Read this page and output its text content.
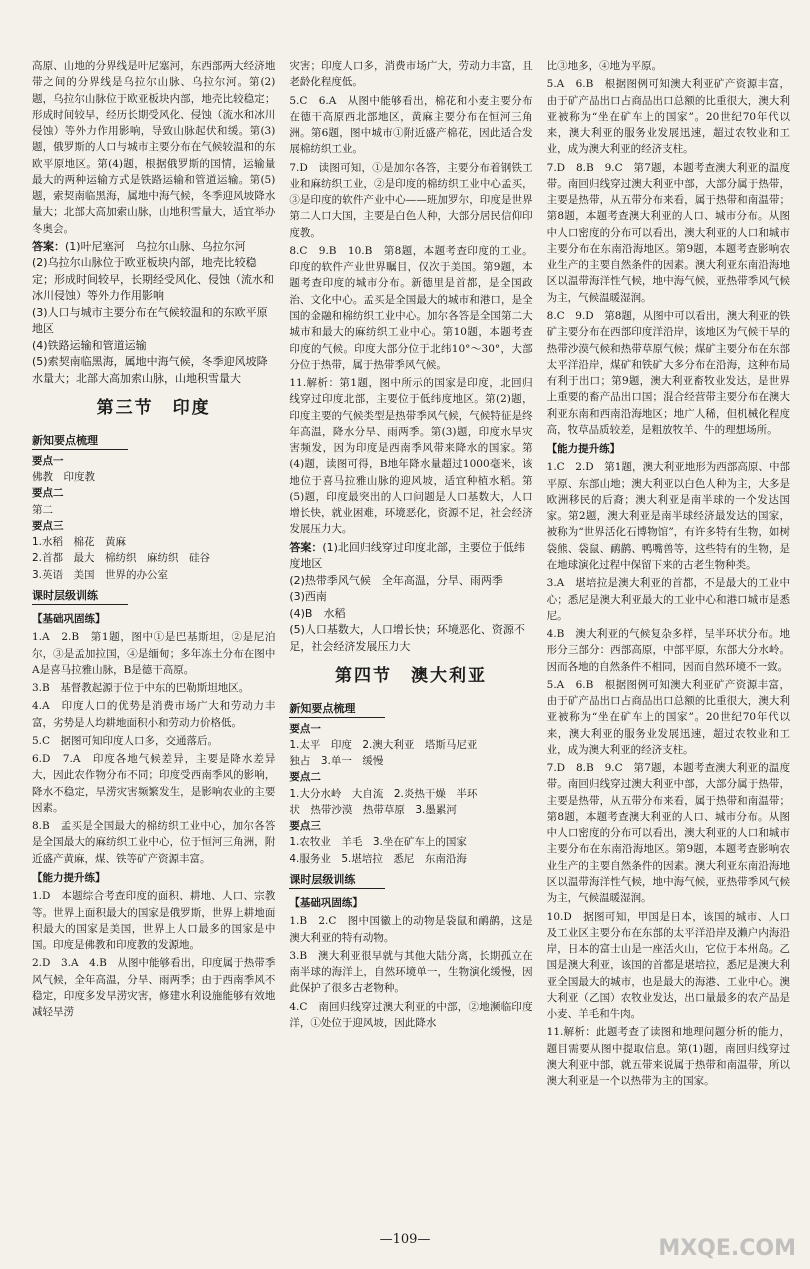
高原、山地的分界线是叶尼塞河，东西部两大经济地带之间的分界线是乌拉尔山脉、乌拉尔河。第(2)题，乌拉尔山脉位于欧亚板块内部，地壳比较稳定；形成时间较早，经历长期受风化、侵蚀（流水和冰川侵蚀）等外力作用影响，导致山脉起伏和缓。第(3)题，俄罗斯的人口与城市主要分布在气候较温和的东欧平原地区。第(4)题，根据俄罗斯的国情，运输量最大的两种运输方式是铁路运输和管道运输。第(5)题，索契南临黑海，属地中海气候，冬季迎风坡降水量大；北部大高加索山脉，山地积雪量大，适宜举办冬奥会。

答案：(1)叶尼塞河　乌拉尔山脉、乌拉尔河
(2)乌拉尔山脉位于欧亚板块内部，地壳比较稳定；形成时间较早，长期经受风化、侵蚀（流水和冰川侵蚀）等外力作用影响
(3)人口与城市主要分布在气候较温和的东欧平原地区
(4)铁路运输和管道运输
(5)索契南临黑海，属地中海气候，冬季迎风坡降水量大；北部大高加索山脉，山地积雪量大
第三节　印度
新知要点梳理
要点一
佛教　印度教
要点二
第二
要点三
1.水稻　棉花　黄麻
2.首都　最大　棉纺织　麻纺织　硅谷
3.英语　美国　世界的办公室
课时层级训练
【基础巩固练】

1.A　2.B　第1题，图中①是巴基斯坦，②是尼泊尔，③是孟加拉国，④是缅甸；多年冻土分布在图中A是喜马拉雅山脉，B是德干高原。

3.B　基督教起源于位于中东的巴勒斯坦地区。

4.A　印度人口的优势是消费市场广大和劳动力丰富，劣势是人均耕地面积小和劳动力价格低。

5.C　据图可知印度人口多，交通落后。

6.D　7.A　印度各地气候差异，主要是降水差异大，因此农作物分布不同；印度受西南季风的影响，降水不稳定，旱涝灾害频繁发生，是影响农业的主要因素。

8.B　孟买是全国最大的棉纺织工业中心，加尔各答是全国最大的麻纺织工业中心，位于恒河三角洲，附近盛产黄麻，煤、铁等矿产资源丰富。

【能力提升练】

1.D　本题综合考查印度的面积、耕地、人口、宗教等。世界上面积最大的国家是俄罗斯，世界上耕地面积最大的国家是美国，世界上人口最多的国家是中国。印度是佛教和印度教的发源地。

2.D　3.A　4.B　从图中能够看出，印度属于热带季风气候，全年高温，分旱、雨两季；由于西南季风不稳定，印度多发旱涝灾害，修建水利设施能够有效地减轻旱涝

灾害；印度人口多，消费市场广大，劳动力丰富，且老龄化程度低。

5.C　6.A　从图中能够看出，棉花和小麦主要分布在德干高原西北部地区，黄麻主要分布在恒河三角洲。第6题，图中城市①附近盛产棉花，因此适合发展棉纺织工业。

7.D　读图可知，①是加尔各答，主要分布着钢铁工业和麻纺织工业，②是印度的棉纺织工业中心孟买，③是印度的软件产业中心——班加罗尔，印度是世界第二人口大国，主要是白色人种，大部分居民信仰印度教。

8.C　9.B　10.B　第8题，本题考查印度的工业。印度的软件产业世界瞩目，仅次于美国。第9题，本题考查印度的城市分布。新德里是首都，是全国政治、文化中心。孟买是全国最大的城市和港口，是全国的金融和棉纺织工业中心。加尔各答是全国第二大城市和最大的麻纺织工业中心。第10题，本题考查印度的气候。印度大部分位于北纬10°～30°，大部分位于热带，属于热带季风气候。

11.解析：第1题，图中所示的国家是印度，北回归线穿过印度北部，主要位于低纬度地区。第(2)题，印度主要的气候类型是热带季风气候，气候特征是终年高温，降水分旱、雨两季。第(3)题，印度水旱灾害频发，因为印度是西南季风带来降水的国家。第(4)题，读图可得，B地年降水量超过1000毫米，该地位于喜马拉雅山脉的迎风坡，适宜种植水稻。第(5)题，印度最突出的人口问题是人口基数大，人口增长快，就业困难，环境恶化，资源不足，社会经济发展压力大。

答案：(1)北回归线穿过印度北部，主要位于低纬度地区
(2)热带季风气候　全年高温，分旱、雨两季
(3)西南
(4)B　水稻
(5)人口基数大，人口增长快；环境恶化、资源不足，社会经济发展压力大
第四节　澳大利亚
新知要点梳理
要点一
1.太平　印度　2.澳大利亚　塔斯马尼亚
独占　3.单一　缓慢
要点二
1.大分水岭　大自流　2.炎热干燥　半环
状　热带沙漠　热带草原　3.墨累河
要点三
1.农牧业　羊毛　3.坐在矿车上的国家
4.服务业　5.堪培拉　悉尼　东南沿海
课时层级训练
【基础巩固练】

1.B　2.C　图中国徽上的动物是袋鼠和鸸鹋，这是澳大利亚的特有动物。

3.B　澳大利亚很早就与其他大陆分离，长期孤立在南半球的海洋上，自然环境单一，生物演化缓慢，因此保护了很多古老物种。

4.C　南回归线穿过澳大利亚的中部，②地濒临印度洋，①处位于迎风坡，因此降水

比③地多，④地为平原。

5.A　6.B　根据图例可知澳大利亚矿产资源丰富，由于矿产品出口占商品出口总额的比重很大，澳大利亚被称为“坐在矿车上的国家”。20世纪70年代以来，澳大利亚的服务业发展迅速，超过农牧业和工业，成为澳大利亚的经济支柱。

7.D　8.B　9.C　第7题，本题考查澳大利亚的温度带。南回归线穿过澳大利亚中部，大部分属于热带，主要是热带，从五带分布来看，属于热带和南温带；第8题，本题考查澳大利亚的人口、城市分布。从图中人口密度的分布可以看出，澳大利亚的人口和城市主要分布在东南沿海地区。第9题，本题考查影响农业生产的主要自然条件的因素。澳大利亚东南沿海地区以温带海洋性气候，地中海气候，亚热带季风气候为主，气候温暖湿润。

8.C　9.D　第8题，从图中可以看出，澳大利亚的铁矿主要分布在西部印度洋沿岸，该地区为气候干旱的热带沙漠气候和热带草原气候；煤矿主要分布在东部太平洋沿岸，煤矿和铁矿大多分布在沿海，这种布局有利于出口；第9题，澳大利亚畜牧业发达，是世界上重要的畜产品出口国；混合经营带主要分布在澳大利亚东南和西南沿海地区；地广人稀，但机械化程度高，牧草品质较差，是粗放牧羊、牛的理想场所。

【能力提升练】

1.C　2.D　第1题，澳大利亚地形为西部高原、中部平原、东部山地；澳大利亚以白色人种为主，大多是欧洲移民的后裔；澳大利亚是南半球的一个发达国家。第2题，澳大利亚是南半球经济最发达的国家，被称为“世界活化石博物馆”，有许多特有生物，如树袋熊、袋鼠、鸸鹋、鸭嘴兽等，这些特有的生物，是在地球演化过程中保留下来的古老生物种类。

3.A　堪培拉是澳大利亚的首都，不是最大的工业中心；悉尼是澳大利亚最大的工业中心和港口城市是悉尼。

4.B　澳大利亚的气候复杂多样，呈半环状分布。地形分三部分：西部高原，中部平原，东部大分水岭。因而各地的自然条件不相同，因而自然环境不一致。

5.A　6.B　根据图例可知澳大利亚矿产资源丰富，由于矿产品出口占商品出口总额的比重很大，澳大利亚被称为“坐在矿车上的国家”。20世纪70年代以来，澳大利亚的服务业发展迅速，超过农牧业和工业，成为澳大利亚的经济支柱。

7.D　8.B　9.C　第7题，本题考查澳大利亚的温度带。南回归线穿过澳大利亚中部，大部分属于热带，主要是热带，从五带分布来看，属于热带和南温带；第8题，本题考查澳大利亚的人口、城市分布。从图中人口密度的分布可以看出，澳大利亚的人口和城市主要分布在东南沿海地区。第9题，本题考查影响农业生产的主要自然条件的因素。澳大利亚东南沿海地区以温带海洋性气候，地中海气候，亚热带季风气候为主，气候温暖湿润。

10.D　据图可知，甲国是日本，该国的城市、人口及工业区主要分布在东部的太平洋沿岸及濑户内海沿岸，日本的富士山是一座活火山，它位于本州岛。乙国是澳大利亚，该国的首都是堪培拉，悉尼是澳大利亚全国最大的城市，也是最大的海港、工业中心。澳大利亚（乙国）农牧业发达，出口量最多的农产品是小麦、羊毛和牛肉。

11.解析：此题考查了读图和地理问题分析的能力，题目需要从图中提取信息。第(1)题，南回归线穿过澳大利亚中部，就五带来说属于热带和南温带，所以澳大利亚是一个以热带为主的国家。

—109—	MXQE.COM
